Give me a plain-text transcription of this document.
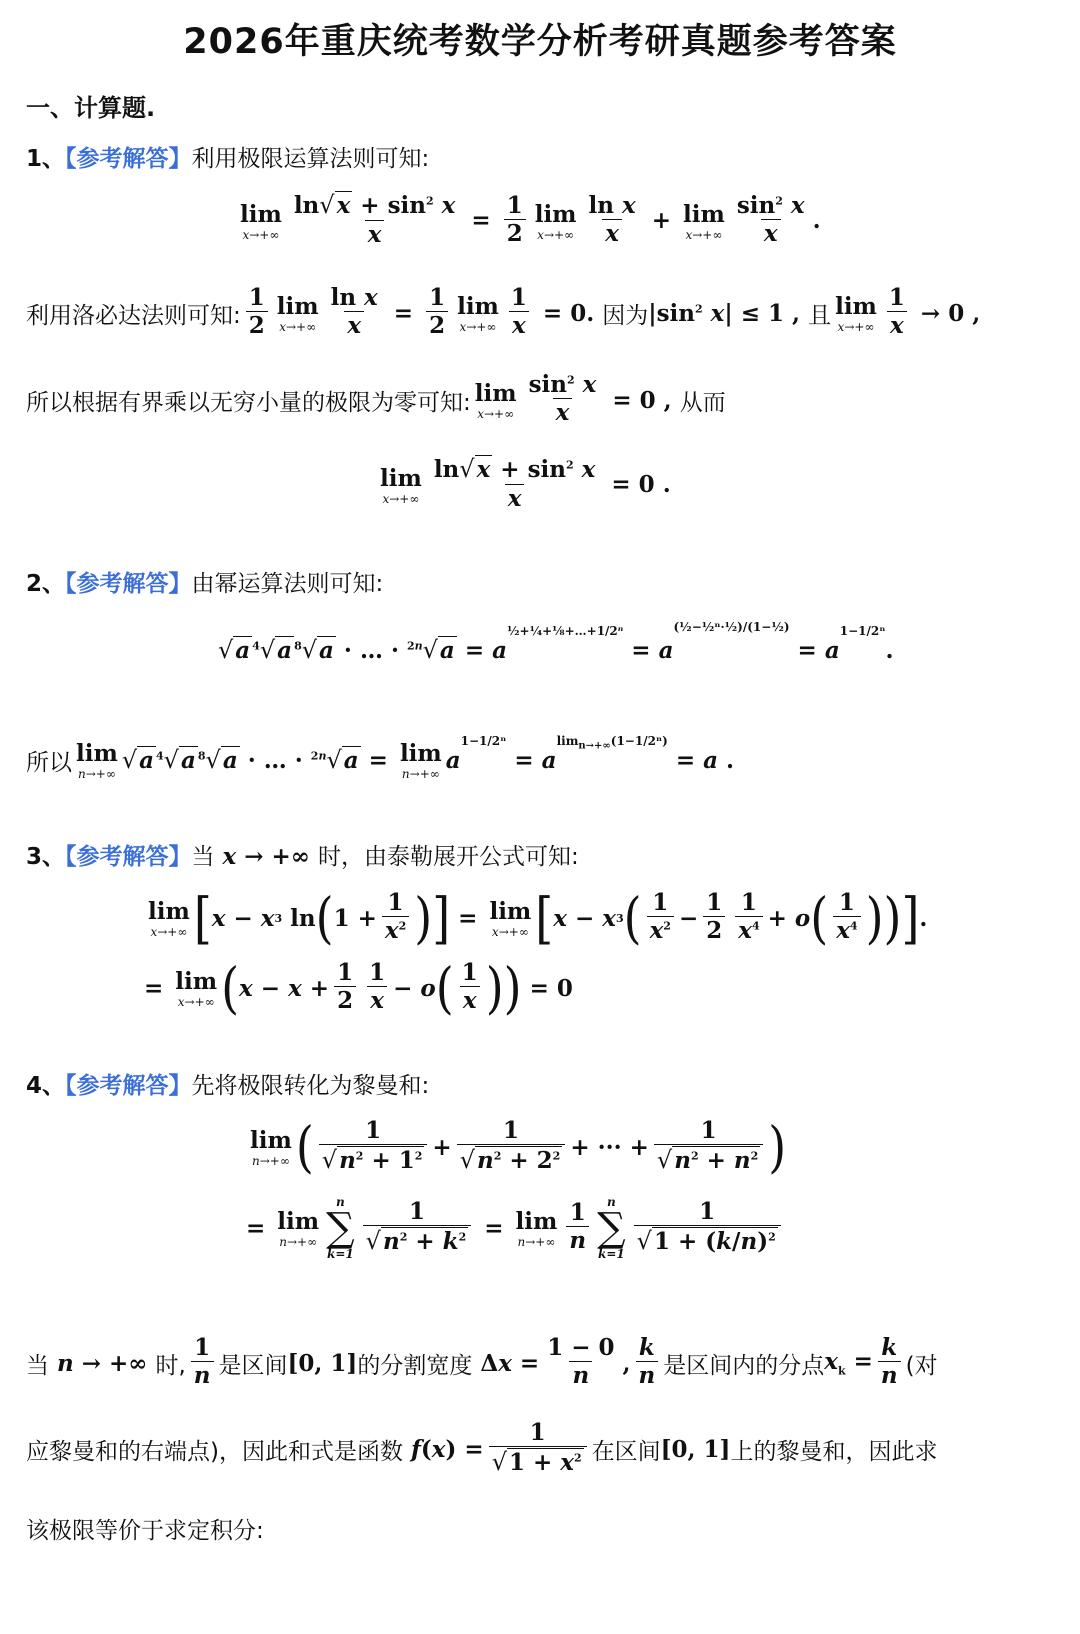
2026年重庆统考数学分析考研真题参考答案
一、计算题.
1、【参考解答】利用极限运算法则可知:
lim
$x\to+\infty \frac{\ln√x + \sin^2 x}{x} = \frac{1}{2}$ lim
x→+∞
ln x
x + lim
x→+∞
$\sin^2 x$
x .
利用洛必达法则可知:
1
2
lim
$x\to+\infty \frac{\text{ln x}}{x} = \frac{1}{2}$ lim
$x\to+\infty \frac{1}{x} = 0$. 因为 $|\sin^2$ x| ≤ 1 , 且 lim
x→+∞
1
x → 0 ,
所以根据有界乘以无穷小量的极限为零可知: lim
$x\to+\infty \frac{\sin^2 x}{x} = 0$ , 从而
lim
$x\to+\infty \frac{\ln√x + \sin^2 x}{x} = 0$ .
2、【参考解答】由幂运算法则可知:
√a $^4$√a $^8$√a · … · $^{2n}√a = a^{\frac{1}{2}+\frac{1}{4}+\frac{1}{8}+\dots+1/2^n}$
= $a^{(\frac{1}{2}-\frac{1}{2}^n\cdot\frac{1}{2})/(1-\frac{1}{2})}$
= $a^{1-1/2^n}$.
所以 lim
n→+∞ √a $^4$√a $^8$√a · … · $^{2n}$√a = lim
n→+∞
$a^{1-1/2^n}$
= $a^{lim_{n\to+\infty}(1-1/2^n)}$
= a .
3、【参考解答】当 x → +∞ 时，由泰勒展开公式可知:
lim
x→+∞ [ x − x 3 ln ( 1 +
1
$x^2$ )] = lim
x→+∞ [ x − x 3 ( 1
$x^2$ −
1
2
1
$x^4 + o$ ( 1
$x^4$ ))] .
= lim
x→+∞ ( x − x +
1
2
1
x − o ( 1
x )) = 0
4、【参考解答】先将极限转化为黎曼和:
lim
n→+∞ ( 1
$√n^2 + 1^2 + \frac{1}{√n^2 + 2^2}$ + ··· + $\frac{1}{√n^2 + n^2}$ )
= lim
n→+∞
n
∑
$k=1 \frac{1}{√n^2 + k^2} = \lim$
n→+∞
1
n
n
∑
k=1
1
$√1 + (k/n)^2$
当 n → +∞ 时,
1
n 是区间 [0, 1] 的分割宽度 $\Delta x = \frac{1 - 0}{n}$ ,
k
n 是区间内的分点 $x_k = \frac{k}{n}$ (对
应黎曼和的右端点)，因此和式是函数 $f(x) = \frac{1}{√1 + x^2}$ 在区间 [0, 1] 上的黎曼和，因此求
该极限等价于求定积分:
